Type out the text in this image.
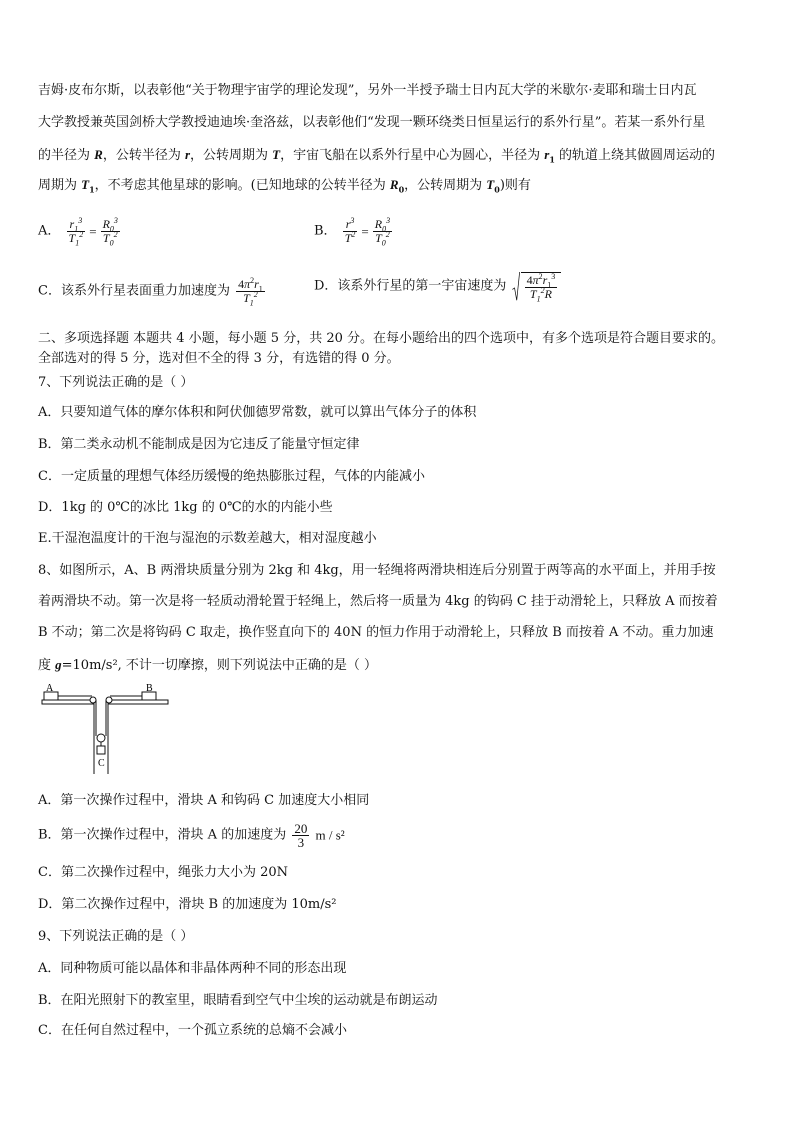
吉姆·皮布尔斯，以表彰他“关于物理宇宙学的理论发现”，另外一半授予瑞士日内瓦大学的米歇尔·麦耶和瑞士日内瓦
大学教授兼英国剑桥大学教授迪迪埃·奎洛兹，以表彰他们“发现一颗环绕类日恒星运行的系外行星”。若某一系外行星
的半径为 R，公转半径为 r，公转周期为 T，宇宙飞船在以系外行星中心为圆心，半径为 $r_1$ 的轨道上绕其做圆周运动的
周期为 $T_1$，不考虑其他星球的影响。(已知地球的公转半径为 $R_0$，公转周期为 $T_0$)则有
A． $\frac{r_1^3}{T_1^2} = \frac{R_0^3}{T_0^2}$	B． $\frac{r^3}{T^2} = \frac{R_0^3}{T_0^2}$
C．该系外行星表面重力加速度为 $\frac{4\pi^2r_1}{T_1^2}$	D．该系外行星的第一宇宙速度为 $\frac{4\pi^2r_1^3}{T_1^2R}$
二、多项选择题 本题共 4 小题，每小题 5 分，共 20 分。在每小题给出的四个选项中，有多个选项是符合题目要求的。
全部选对的得 5 分，选对但不全的得 3 分，有选错的得 0 分。
7、下列说法正确的是（ ）
A．只要知道气体的摩尔体积和阿伏伽德罗常数，就可以算出气体分子的体积
B．第二类永动机不能制成是因为它违反了能量守恒定律
C．一定质量的理想气体经历缓慢的绝热膨胀过程，气体的内能减小
D．1kg 的 0℃的冰比 1kg 的 0℃的水的内能小些
E.干湿泡温度计的干泡与湿泡的示数差越大，相对湿度越小
8、如图所示，A、B 两滑块质量分别为 2kg 和 4kg，用一轻绳将两滑块相连后分别置于两等高的水平面上，并用手按
着两滑块不动。第一次是将一轻质动滑轮置于轻绳上，然后将一质量为 4kg 的钩码 C 挂于动滑轮上，只释放 A 而按着
B 不动；第二次是将钩码 C 取走，换作竖直向下的 40N 的恒力作用于动滑轮上，只释放 B 而按着 A 不动。重力加速
度 g=10m/s², 不计一切摩擦，则下列说法中正确的是（ ）
A	B
C
A．第一次操作过程中，滑块 A 和钩码 C 加速度大小相同
B．第一次操作过程中，滑块 A 的加速度为 $\frac{20}{3}$ m / s²
C．第二次操作过程中，绳张力大小为 20N
D．第二次操作过程中，滑块 B 的加速度为 10m/s²
9、下列说法正确的是（ ）
A．同种物质可能以晶体和非晶体两种不同的形态出现
B．在阳光照射下的教室里，眼睛看到空气中尘埃的运动就是布朗运动
C．在任何自然过程中，一个孤立系统的总熵不会减小
